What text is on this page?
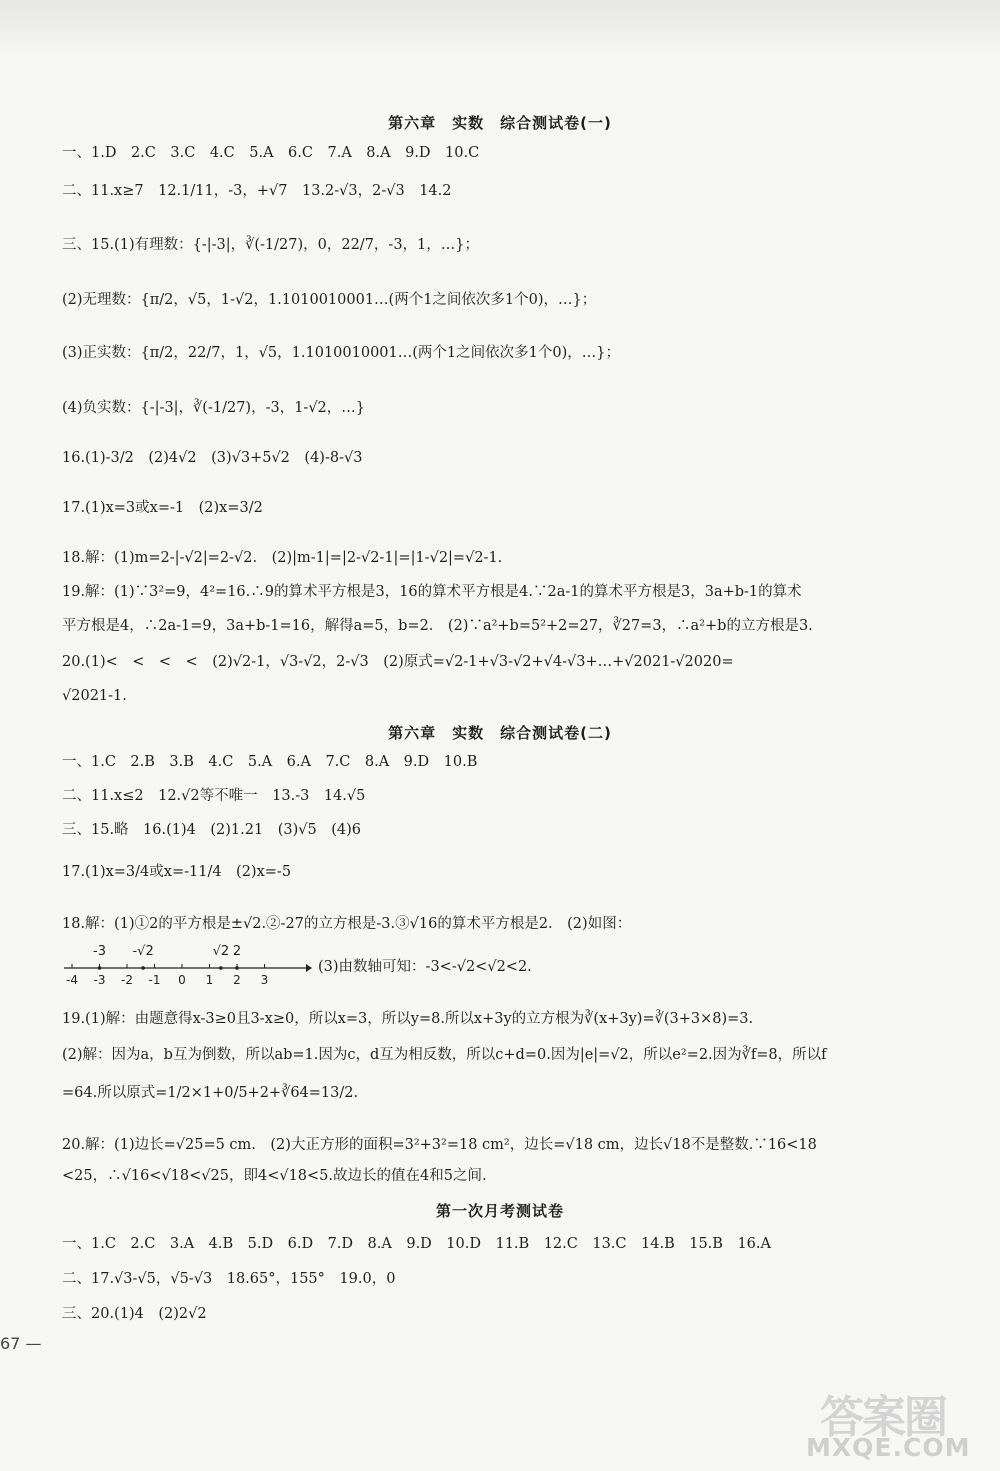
第六章　实数　综合测试卷(一)
一、1.D　2.C　3.C　4.C　5.A　6.C　7.A　8.A　9.D　10.C
二、11.x≥7　12.1/11，-3，+√7　13.2-√3，2-√3　14.2
三、15.(1)有理数：{-|-3|，∛(-1/27)，0，22/7，-3，1，…}；
(2)无理数：{π/2，√5，1-√2，1.1010010001…(两个1之间依次多1个0)，…}；
(3)正实数：{π/2，22/7，1，√5，1.1010010001…(两个1之间依次多1个0)，…}；
(4)负实数：{-|-3|，∛(-1/27)，-3，1-√2，…}
16.(1)-3/2　(2)4√2　(3)√3+5√2　(4)-8-√3
17.(1)x=3或x=-1　(2)x=3/2
18.解：(1)m=2-|-√2|=2-√2.　(2)|m-1|=|2-√2-1|=|1-√2|=√2-1.
19.解：(1)∵3²=9，4²=16.∴9的算术平方根是3，16的算术平方根是4.∵2a-1的算术平方根是3，3a+b-1的算术
平方根是4，∴2a-1=9，3a+b-1=16，解得a=5，b=2.　(2)∵a²+b=5²+2=27，∛27=3，∴a²+b的立方根是3.
20.(1)<　<　<　<　(2)√2-1，√3-√2，2-√3　(2)原式=√2-1+√3-√2+√4-√3+…+√2021-√2020=
√2021-1.
第六章　实数　综合测试卷(二)
一、1.C　2.B　3.B　4.C　5.A　6.A　7.C　8.A　9.D　10.B
二、11.x≤2　12.√2等不唯一　13.-3　14.√5
三、15.略　16.(1)4　(2)1.21　(3)√5　(4)6
17.(1)x=3/4或x=-11/4　(2)x=-5
18.解：(1)①2的平方根是±√2.②-27的立方根是-3.③√16的算术平方根是2.　(2)如图：
-4 -3 -2 -1 0 1 2 3
-3 -√2	√2 2
(3)由数轴可知：-3<-√2<√2<2.
19.(1)解：由题意得x-3≥0且3-x≥0，所以x=3，所以y=8.所以x+3y的立方根为∛(x+3y)=∛(3+3×8)=3.
(2)解：因为a，b互为倒数，所以ab=1.因为c，d互为相反数，所以c+d=0.因为|e|=√2，所以e²=2.因为∛f=8，所以f
=64.所以原式=1/2×1+0/5+2+∛64=13/2.
20.解：(1)边长=√25=5 cm.　(2)大正方形的面积=3²+3²=18 cm²，边长=√18 cm，边长√18不是整数.∵16<18
<25，∴√16<√18<√25，即4<√18<5.故边长的值在4和5之间.
第一次月考测试卷
一、1.C　2.C　3.A　4.B　5.D　6.D　7.D　8.A　9.D　10.D　11.B　12.C　13.C　14.B　15.B　16.A
二、17.√3-√5，√5-√3　18.65°，155°　19.0，0
三、20.(1)4　(2)2√2
67 —
答案圈
MXQE.COM
